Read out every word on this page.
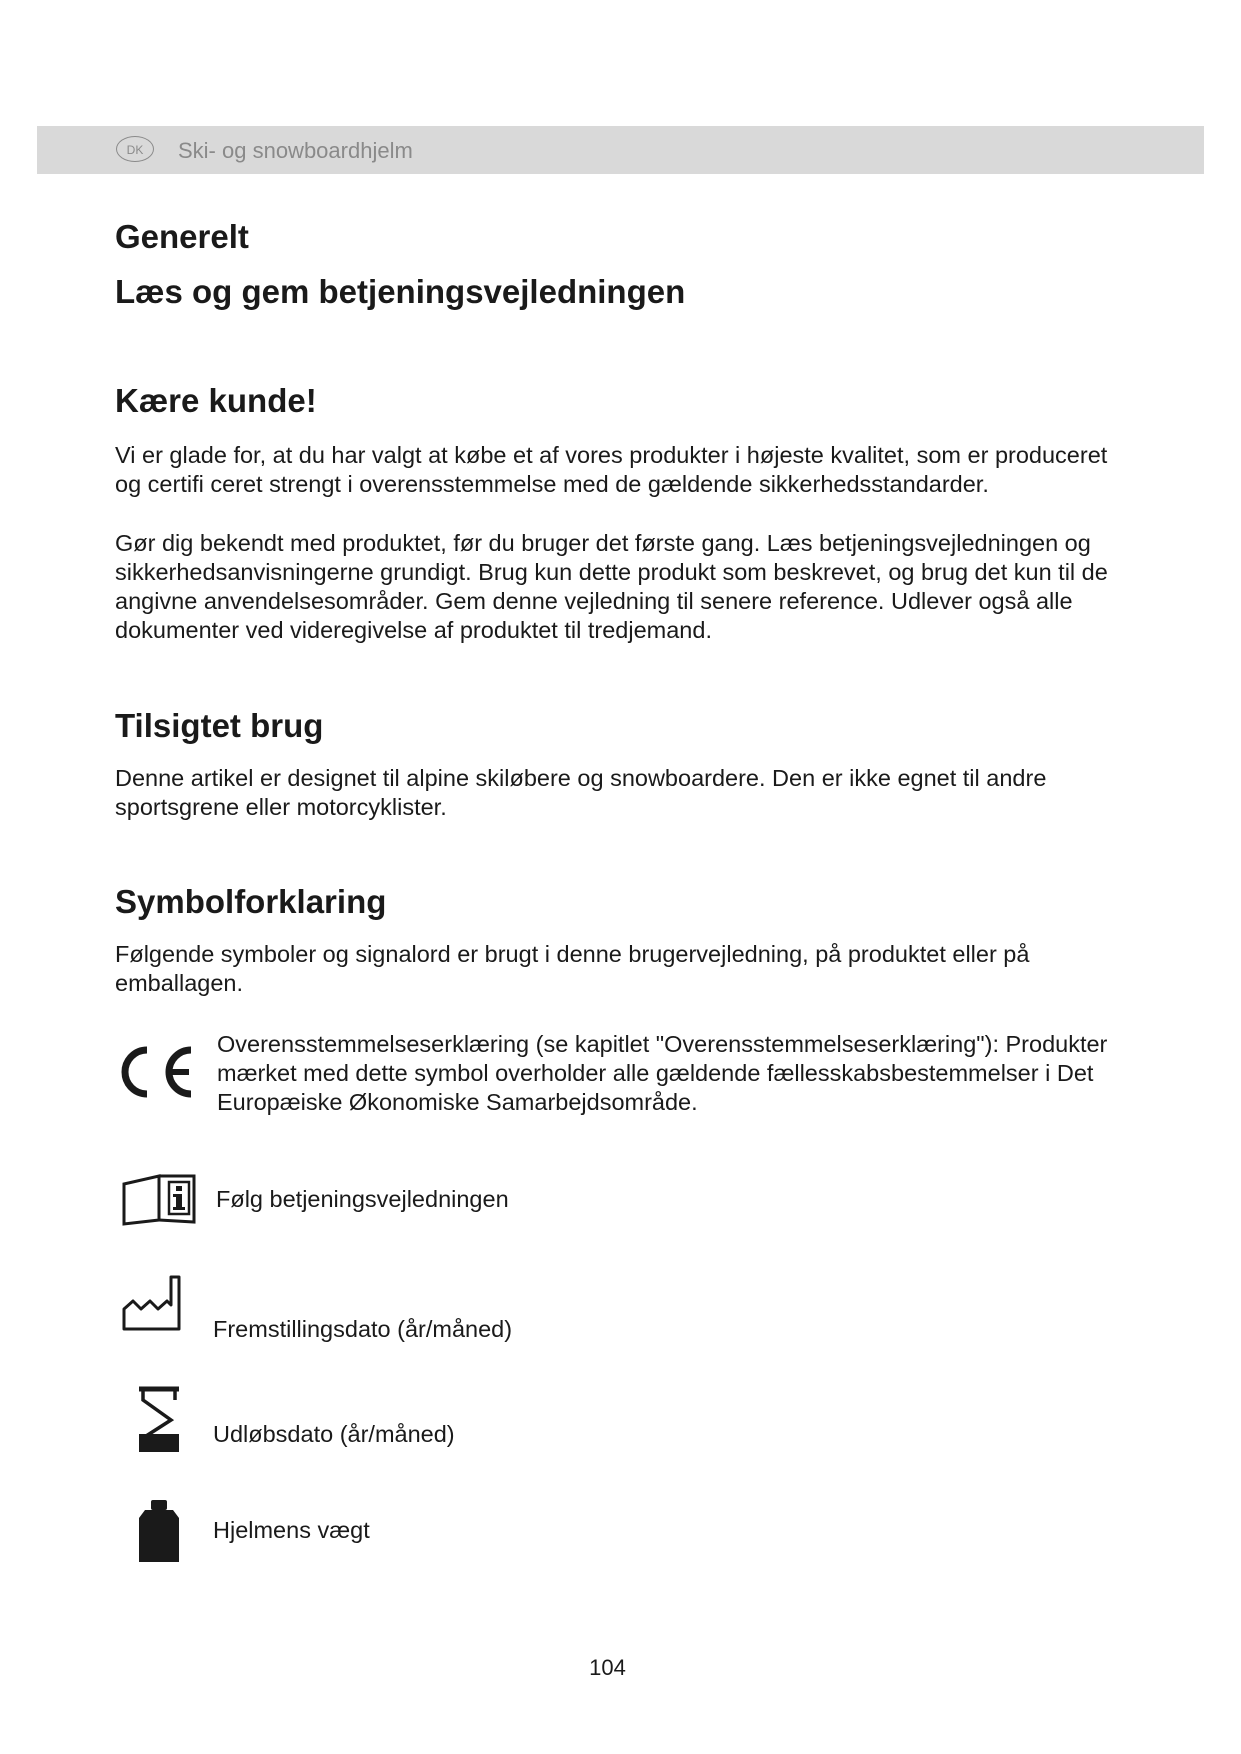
DK	Ski- og snowboardhjelm
Generelt
Læs og gem betjeningsvejledningen
Kære kunde!

Vi er glade for, at du har valgt at købe et af vores produkter i højeste kvalitet, som er produceret og certifi ceret strengt i overensstemmelse med de gældende sikkerhedsstandarder.

Gør dig bekendt med produktet, før du bruger det første gang. Læs betjeningsvejledningen og sikkerhedsanvisningerne grundigt. Brug kun dette produkt som beskrevet, og brug det kun til de angivne anvendelsesområder. Gem denne vejledning til senere reference. Udlever også alle dokumenter ved videregivelse af produktet til tredjemand.

Tilsigtet brug

Denne artikel er designet til alpine skiløbere og snowboardere. Den er ikke egnet til andre sportsgrene eller motorcyklister.

Symbolforklaring

Følgende symboler og signalord er brugt i denne brugervejledning, på produktet eller på emballagen.

Overensstemmelseserklæring (se kapitlet "Overensstemmelseserklæring"): Produkter mærket med dette symbol overholder alle gældende fællesskabsbestemmelser i Det Europæiske Økonomiske Samarbejdsområde.

Følg betjeningsvejledningen

Fremstillingsdato (år/måned)

Udløbsdato (år/måned)

Hjelmens vægt

104
